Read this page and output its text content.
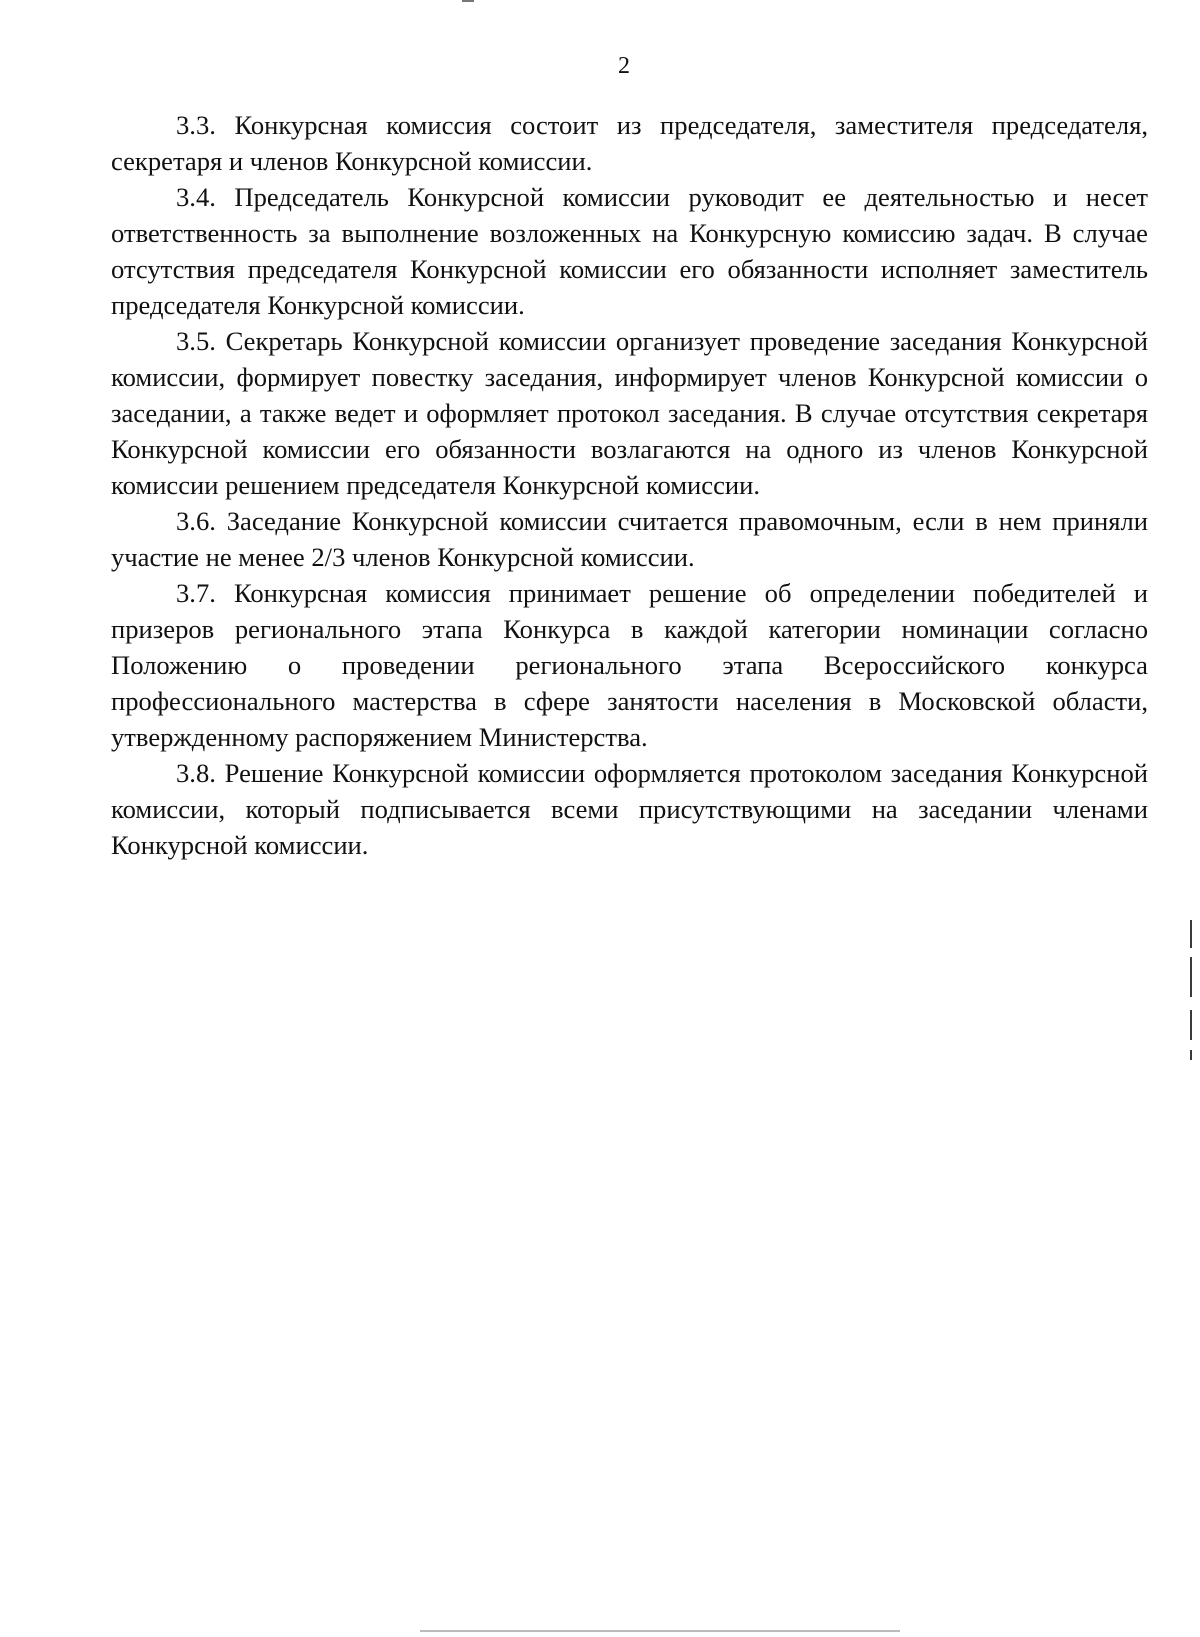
2

3.3. Конкурсная комиссия состоит из председателя, заместителя председателя, секретаря и членов Конкурсной комиссии.

3.4. Председатель Конкурсной комиссии руководит ее деятельностью и несет ответственность за выполнение возложенных на Конкурсную комиссию задач. В случае отсутствия председателя Конкурсной комиссии его обязанности исполняет заместитель председателя Конкурсной комиссии.

3.5. Секретарь Конкурсной комиссии организует проведение заседания Конкурсной комиссии, формирует повестку заседания, информирует членов Конкурсной комиссии о заседании, а также ведет и оформляет протокол заседания. В случае отсутствия секретаря Конкурсной комиссии его обязанности возлагаются на одного из членов Конкурсной комиссии решением председателя Конкурсной комиссии.

3.6. Заседание Конкурсной комиссии считается правомочным, если в нем приняли участие не менее 2/3 членов Конкурсной комиссии.

3.7. Конкурсная комиссия принимает решение об определении победителей и призеров регионального этапа Конкурса в каждой категории номинации согласно Положению о проведении регионального этапа Всероссийского конкурса профессионального мастерства в сфере занятости населения в Московской области, утвержденному распоряжением Министерства.

3.8. Решение Конкурсной комиссии оформляется протоколом заседания Конкурсной комиссии, который подписывается всеми присутствующими на заседании членами Конкурсной комиссии.
